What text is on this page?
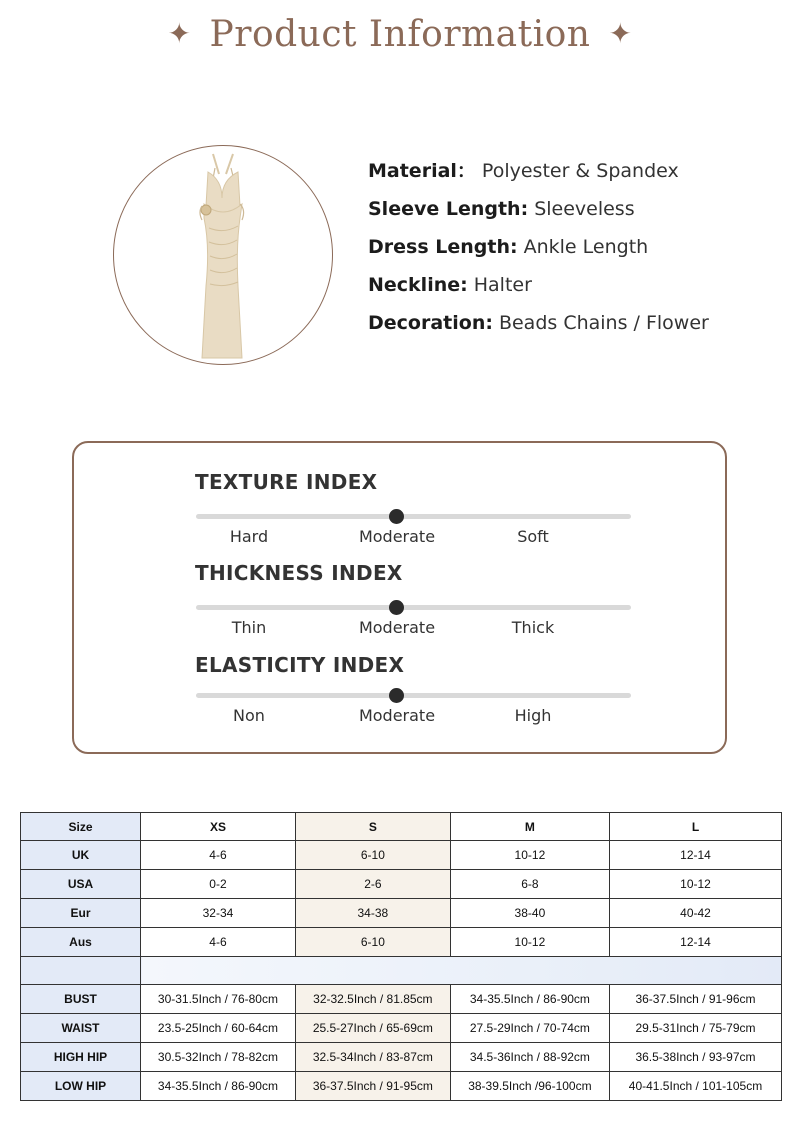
✦ Product Information ✦
Material： Polyester & Spandex
Sleeve Length: Sleeveless
Dress Length: Ankle Length
Neckline: Halter
Decoration: Beads Chains / Flower
TEXTURE INDEX
Hard	Moderate	Soft
THICKNESS INDEX
Thin	Moderate	Thick
ELASTICITY INDEX
Non	Moderate	High
Size	XS	S	M	L
UK	4-6	6-10	10-12	12-14
USA	0-2	2-6	6-8	10-12
Eur	32-34	34-38	38-40	40-42
Aus	4-6	6-10	10-12	12-14

BUST	30-31.5Inch / 76-80cm	32-32.5Inch / 81.85cm	34-35.5Inch / 86-90cm	36-37.5Inch / 91-96cm
WAIST	23.5-25Inch / 60-64cm	25.5-27Inch / 65-69cm	27.5-29Inch / 70-74cm	29.5-31Inch / 75-79cm
HIGH HIP	30.5-32Inch / 78-82cm	32.5-34Inch / 83-87cm	34.5-36Inch / 88-92cm	36.5-38Inch / 93-97cm
LOW HIP	34-35.5Inch / 86-90cm	36-37.5Inch / 91-95cm	38-39.5Inch /96-100cm	40-41.5Inch / 101-105cm
